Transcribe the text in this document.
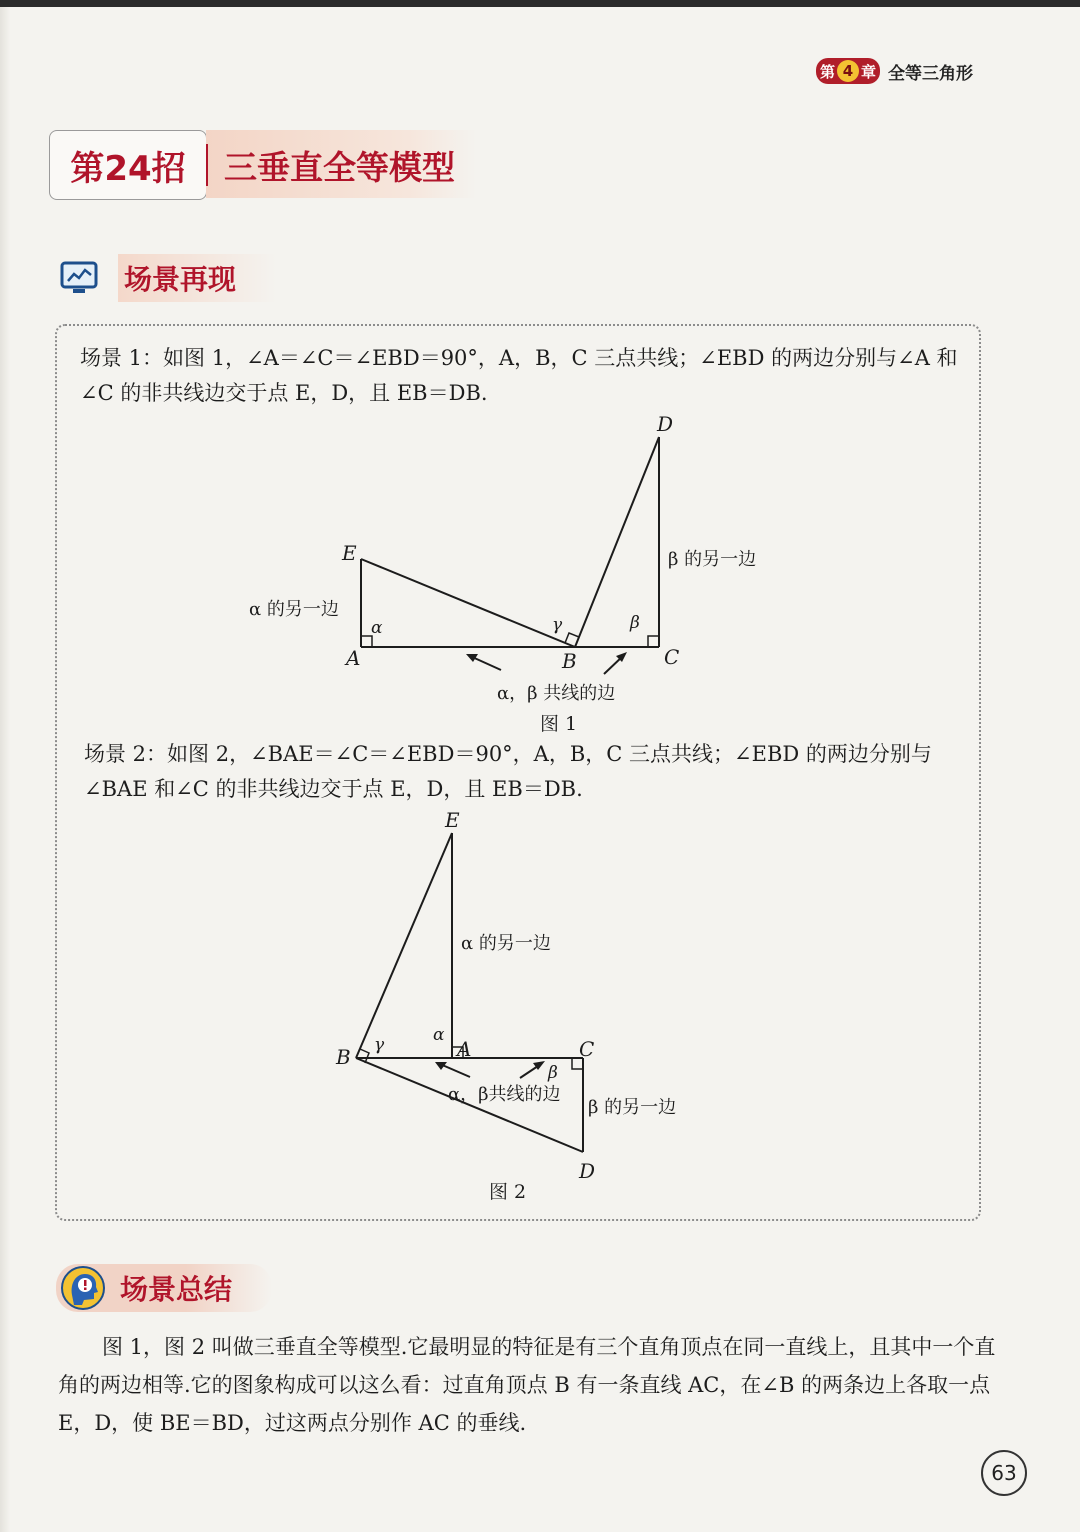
第 4 章 全等三角形
第24招	三垂直全等模型
场景再现
场景 1：如图 1，∠A＝∠C＝∠EBD＝90°，A，B，C 三点共线；∠EBD 的两边分别与∠A 和∠C 的非共线边交于点 E，D，且 EB＝DB.
E
A	B	C
D
α	β
γ
α 的另一边
β 的另一边
α，β 共线的边
图 1
场景 2：如图 2，∠BAE＝∠C＝∠EBD＝90°，A，B，C 三点共线；∠EBD 的两边分别与∠BAE 和∠C 的非共线边交于点 E，D，且 EB＝DB.
E
B	A	C
D
α
β
γ
α 的另一边
β 的另一边
α，β共线的边
图 2
场景总结
图 1，图 2 叫做三垂直全等模型.它最明显的特征是有三个直角顶点在同一直线上，且其中一个直角的两边相等.它的图象构成可以这么看：过直角顶点 B 有一条直线 AC，在∠B 的两条边上各取一点 E，D，使 BE＝BD，过这两点分别作 AC 的垂线.
63
